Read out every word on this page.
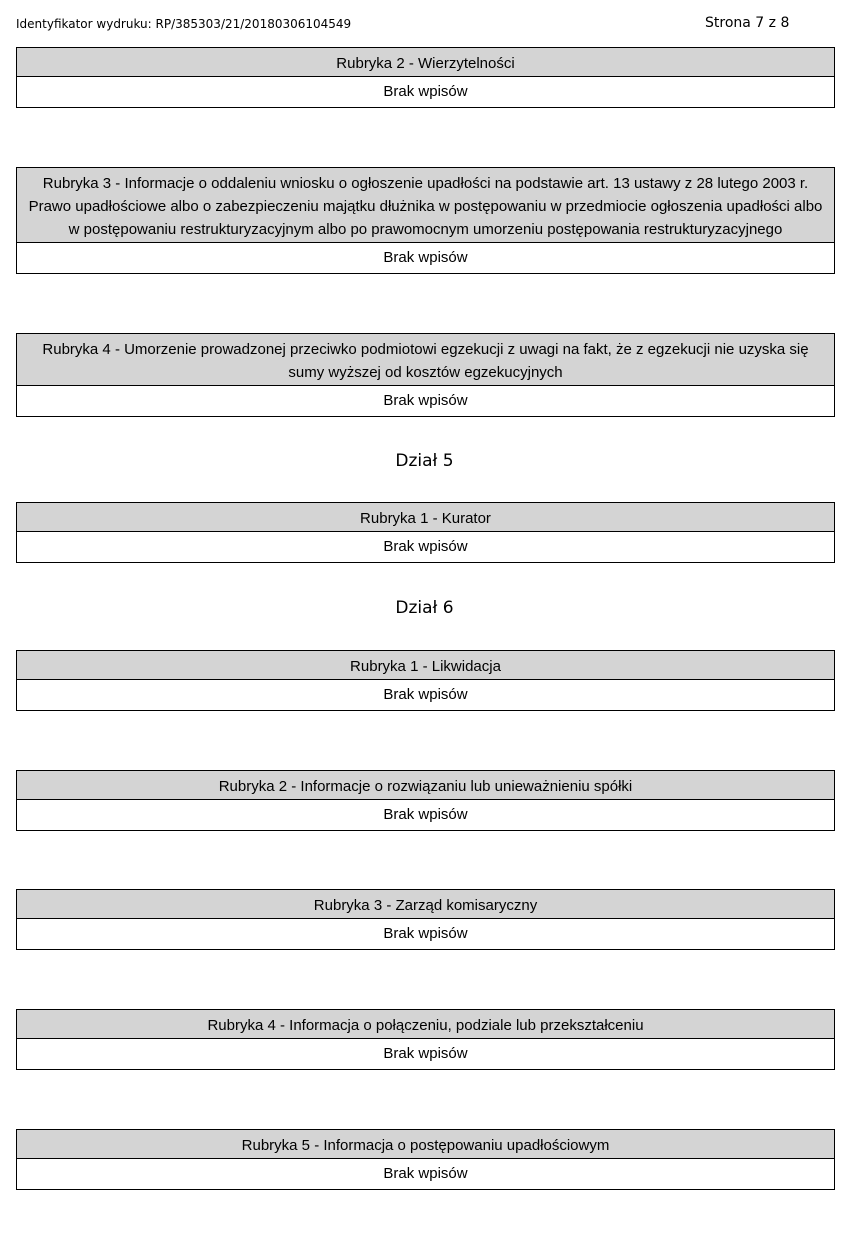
Identyfikator wydruku: RP/385303/21/20180306104549	Strona 7 z 8
Rubryka 2 - Wierzytelności
Brak wpisów
Rubryka 3 - Informacje o oddaleniu wniosku o ogłoszenie upadłości na podstawie art. 13 ustawy z 28 lutego 2003 r. Prawo upadłościowe albo o zabezpieczeniu majątku dłużnika w postępowaniu w przedmiocie ogłoszenia upadłości albo w postępowaniu restrukturyzacyjnym albo po prawomocnym umorzeniu postępowania restrukturyzacyjnego
Brak wpisów
Rubryka 4 - Umorzenie prowadzonej przeciwko podmiotowi egzekucji z uwagi na fakt, że z egzekucji nie uzyska się sumy wyższej od kosztów egzekucyjnych
Brak wpisów
Dział 5
Rubryka 1 - Kurator
Brak wpisów
Dział 6
Rubryka 1 - Likwidacja
Brak wpisów
Rubryka 2 - Informacje o rozwiązaniu lub unieważnieniu spółki
Brak wpisów
Rubryka 3 - Zarząd komisaryczny
Brak wpisów
Rubryka 4 - Informacja o połączeniu, podziale lub przekształceniu
Brak wpisów
Rubryka 5 - Informacja o postępowaniu upadłościowym
Brak wpisów
